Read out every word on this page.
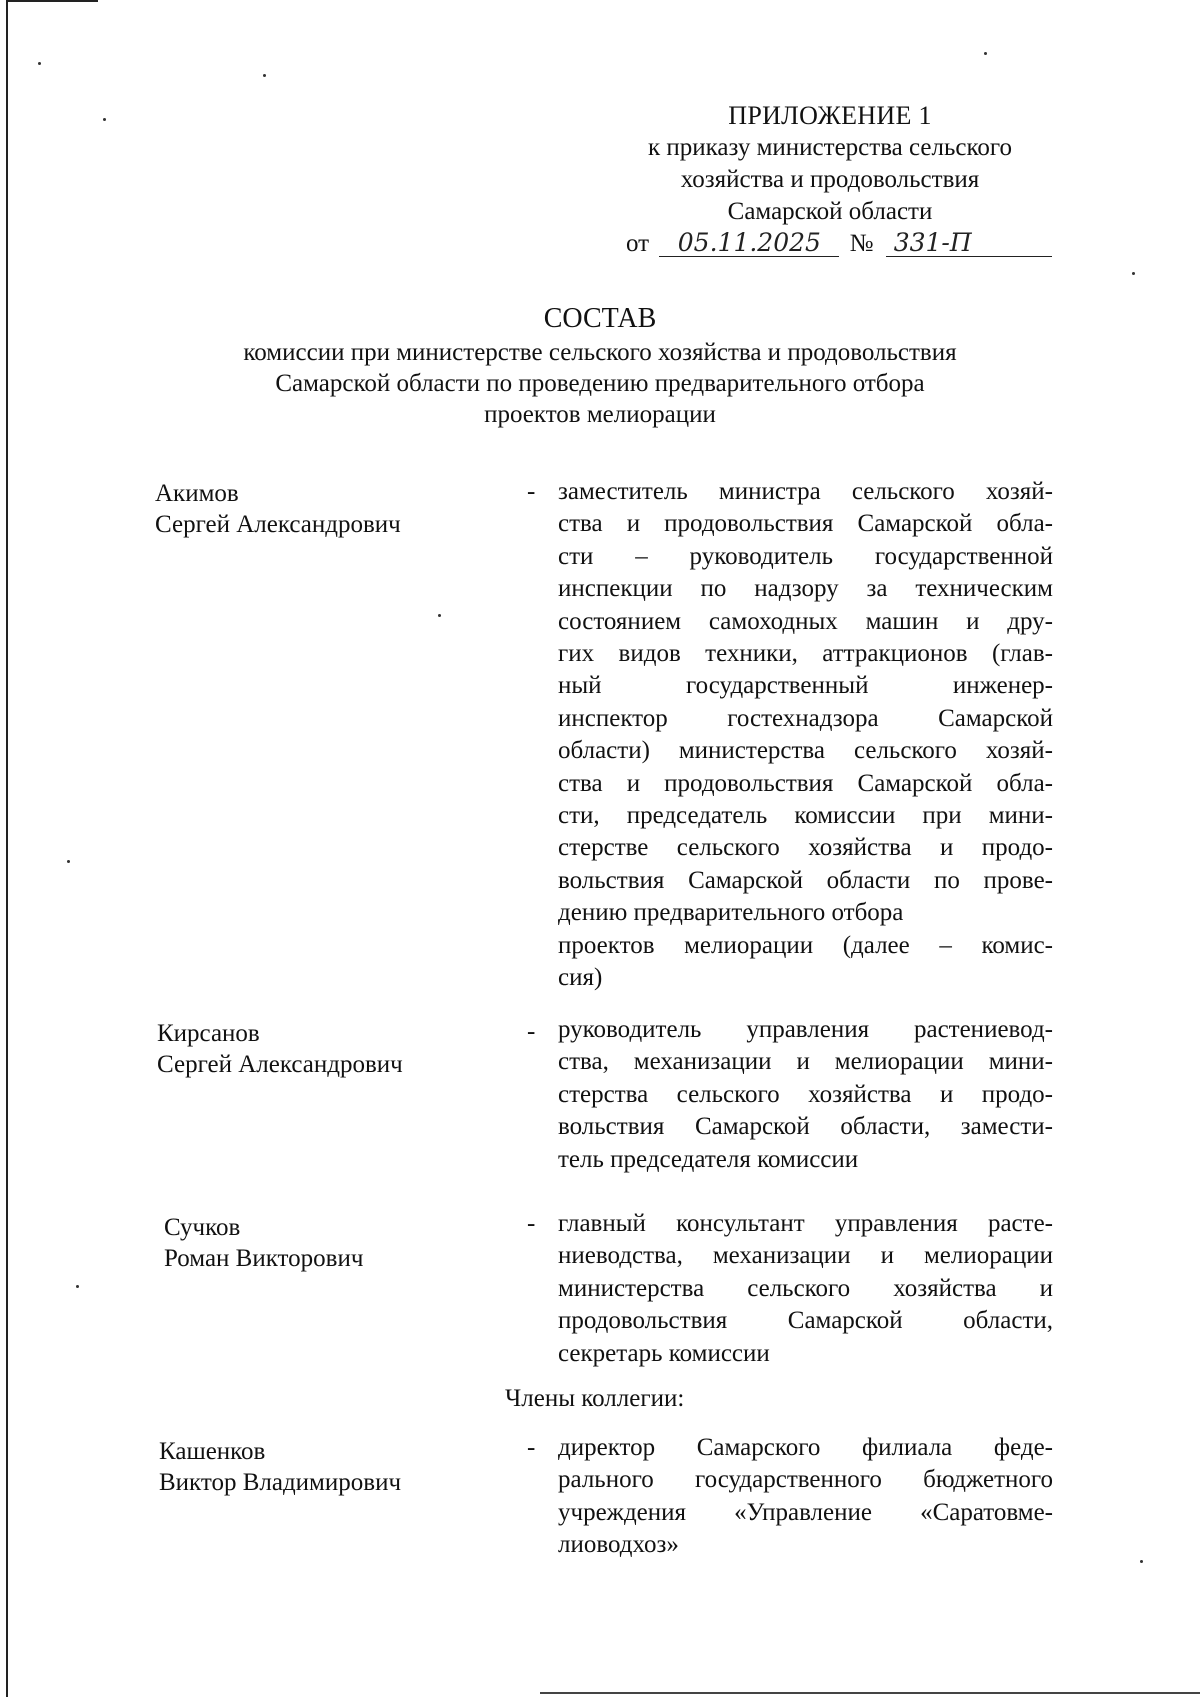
ПРИЛОЖЕНИЕ 1
к приказу министерства сельского
хозяйства и продовольствия
Самарской области
от 05.11.2025 № 331-П
СОСТАВ
комиссии при министерстве сельского хозяйства и продовольствия
Самарской области по проведению предварительного отбора
проектов мелиорации
Акимов
Сергей Александрович
- заместитель министра сельского хозяй-
ства и продовольствия Самарской обла-
сти – руководитель государственной
инспекции по надзору за техническим
состоянием самоходных машин и дру-
гих видов техники, аттракционов (глав-
ный государственный инженер-
инспектор гостехнадзора Самарской
области) министерства сельского хозяй-
ства и продовольствия Самарской обла-
сти, председатель комиссии при мини-
стерстве сельского хозяйства и продо-
вольствия Самарской области по прове-
дению предварительного отбора
проектов мелиорации (далее – комис-
сия)
Кирсанов
Сергей Александрович
- руководитель управления растениевод-
ства, механизации и мелиорации мини-
стерства сельского хозяйства и продо-
вольствия Самарской области, замести-
тель председателя комиссии
Сучков
Роман Викторович
- главный консультант управления расте-
ниеводства, механизации и мелиорации
министерства сельского хозяйства и
продовольствия Самарской области,
секретарь комиссии
Члены коллегии:
Кашенков
Виктор Владимирович
- директор Самарского филиала феде-
рального государственного бюджетного
учреждения «Управление «Саратовме-
лиоводхоз»
